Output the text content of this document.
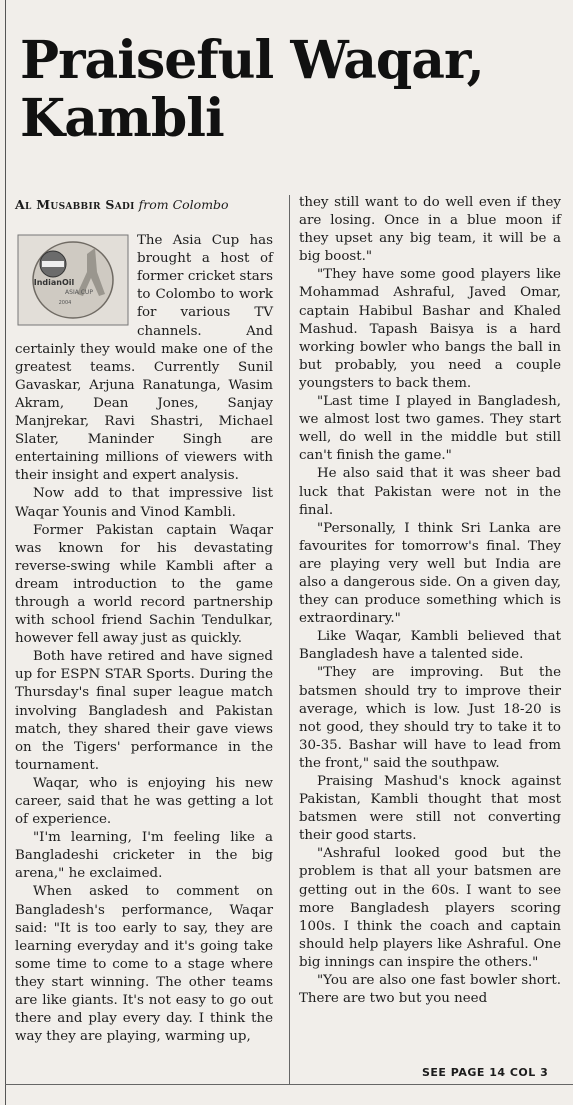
Praiseful Waqar, Kambli

Al Musabbir Sadi from Colombo

IndianOil
ASIA CUP
2004

The Asia Cup has brought a host of former cricket stars to Colombo to work for various TV channels. And certainly they would make one of the greatest teams. Currently Sunil Gavaskar, Arjuna Ranatunga, Wasim Akram, Dean Jones, Sanjay Manjrekar, Ravi Shastri, Michael Slater, Maninder Singh are entertaining millions of viewers with their insight and expert analysis.

Now add to that impressive list Waqar Younis and Vinod Kambli.

Former Pakistan captain Waqar was known for his devastating reverse-swing while Kambli after a dream introduction to the game through a world record partnership with school friend Sachin Tendulkar, however fell away just as quickly.

Both have retired and have signed up for ESPN STAR Sports. During the Thursday's final super league match involving Bangladesh and Pakistan match, they shared their gave views on the Tigers' performance in the tournament.

Waqar, who is enjoying his new career, said that he was getting a lot of experience.

"I'm learning, I'm feeling like a Bangladeshi cricketer in the big arena," he exclaimed.

When asked to comment on Bangladesh's performance, Waqar said: "It is too early to say, they are learning everyday and it's going take some time to come to a stage where they start winning. The other teams are like giants. It's not easy to go out there and play every day. I think the way they are playing, warming up,

they still want to do well even if they are losing. Once in a blue moon if they upset any big team, it will be a big boost."

"They have some good players like Mohammad Ashraful, Javed Omar, captain Habibul Bashar and Khaled Mashud. Tapash Baisya is a hard working bowler who bangs the ball in but probably, you need a couple youngsters to back them.

"Last time I played in Bangladesh, we almost lost two games. They start well, do well in the middle but still can't finish the game."

He also said that it was sheer bad luck that Pakistan were not in the final.

"Personally, I think Sri Lanka are favourites for tomorrow's final. They are playing very well but India are also a dangerous side. On a given day, they can produce something which is extraordinary."

Like Waqar, Kambli believed that Bangladesh have a talented side.

"They are improving. But the batsmen should try to improve their average, which is low. Just 18-20 is not good, they should try to take it to 30-35. Bashar will have to lead from the front," said the southpaw.

Praising Mashud's knock against Pakistan, Kambli thought that most batsmen were still not converting their good starts.

"Ashraful looked good but the problem is that all your batsmen are getting out in the 60s. I want to see more Bangladesh players scoring 100s. I think the coach and captain should help players like Ashraful. One big innings can inspire the others."

"You are also one fast bowler short. There are two but you need

SEE PAGE 14 COL 3
